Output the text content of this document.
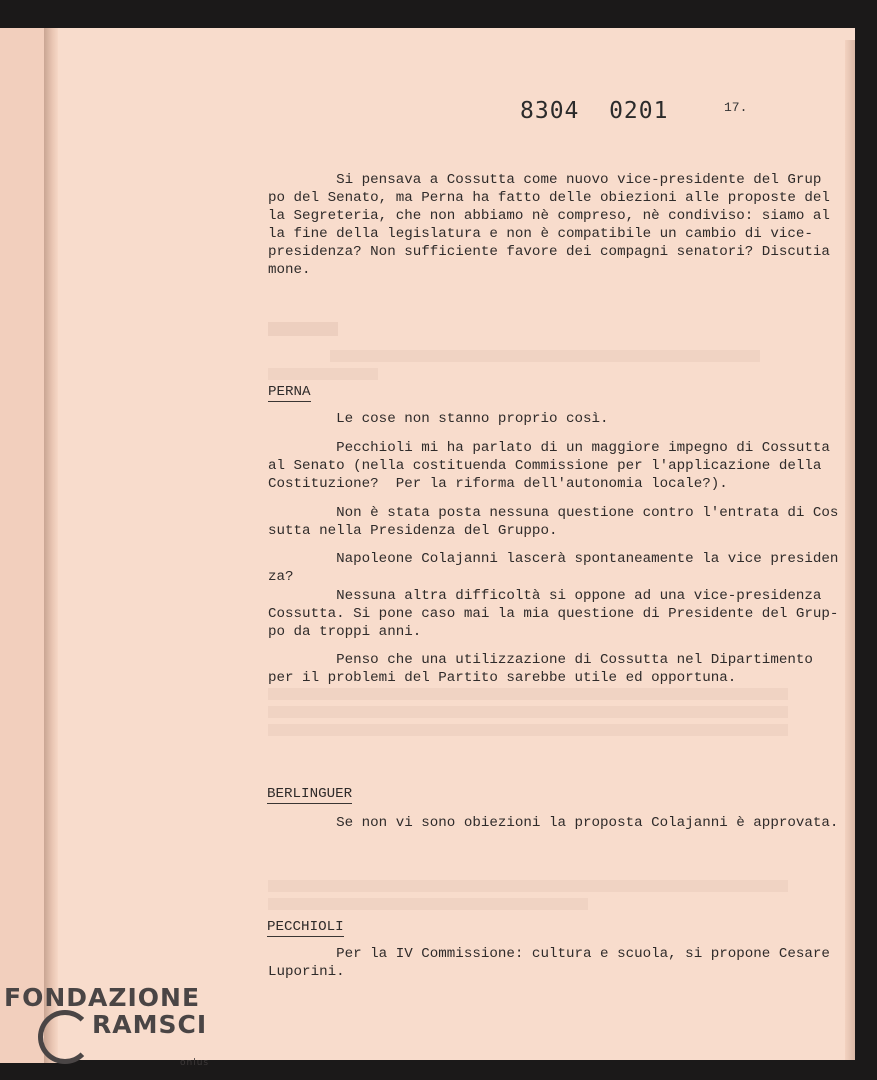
8304  0201	17.
Si pensava a Cossutta come nuovo vice-presidente del Grup
po del Senato, ma Perna ha fatto delle obiezioni alle proposte del
la Segreteria, che non abbiamo nè compreso, nè condiviso: siamo al
la fine della legislatura e non è compatibile un cambio di vice-
presidenza? Non sufficiente favore dei compagni senatori? Discutia
mone.
PERNA
Le cose non stanno proprio così.
Pecchioli mi ha parlato di un maggiore impegno di Cossutta
al Senato (nella costituenda Commissione per l'applicazione della
Costituzione?  Per la riforma dell'autonomia locale?).
Non è stata posta nessuna questione contro l'entrata di Cos
sutta nella Presidenza del Gruppo.
Napoleone Colajanni lascerà spontaneamente la vice presiden
za?
Nessuna altra difficoltà si oppone ad una vice-presidenza
Cossutta. Si pone caso mai la mia questione di Presidente del Grup-
po da troppi anni.
Penso che una utilizzazione di Cossutta nel Dipartimento
per il problemi del Partito sarebbe utile ed opportuna.
BERLINGUER
Se non vi sono obiezioni la proposta Colajanni è approvata.
PECCHIOLI
Per la IV Commissione: cultura e scuola, si propone Cesare
Luporini.
FONDAZIONE
RAMSCI
onlus
